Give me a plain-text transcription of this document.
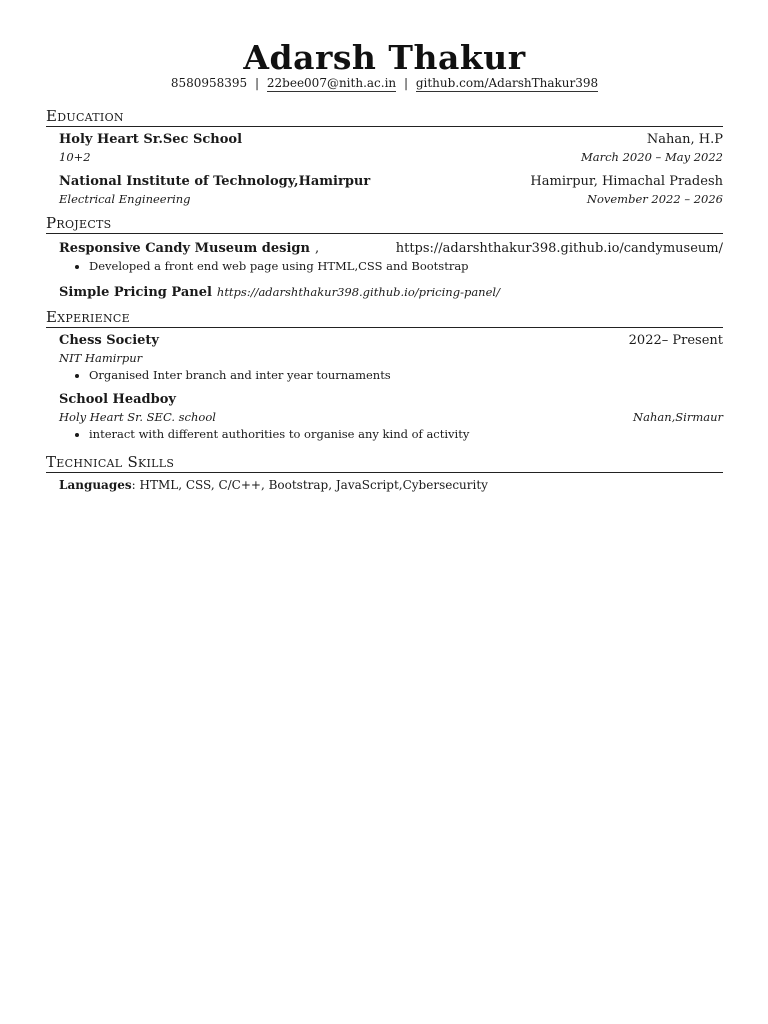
Adarsh Thakur
8580958395 | 22bee007@nith.ac.in | github.com/AdarshThakur398
Education
Holy Heart Sr.Sec School	Nahan, H.P
10+2	March 2020 – May 2022
National Institute of Technology,Hamirpur	Hamirpur, Himachal Pradesh
Electrical Engineering	November 2022 – 2026
Projects
Responsive Candy Museum design ,	https://adarshthakur398.github.io/candymuseum/
• Developed a front end web page using HTML,CSS and Bootstrap
Simple Pricing Panel https://adarshthakur398.github.io/pricing-panel/
Experience
Chess Society	2022– Present
NIT Hamirpur
• Organised Inter branch and inter year tournaments
School Headboy
Holy Heart Sr. SEC. school	Nahan,Sirmaur
• interact with different authorities to organise any kind of activity
Technical Skills
Languages: HTML, CSS, C/C++, Bootstrap, JavaScript,Cybersecurity
